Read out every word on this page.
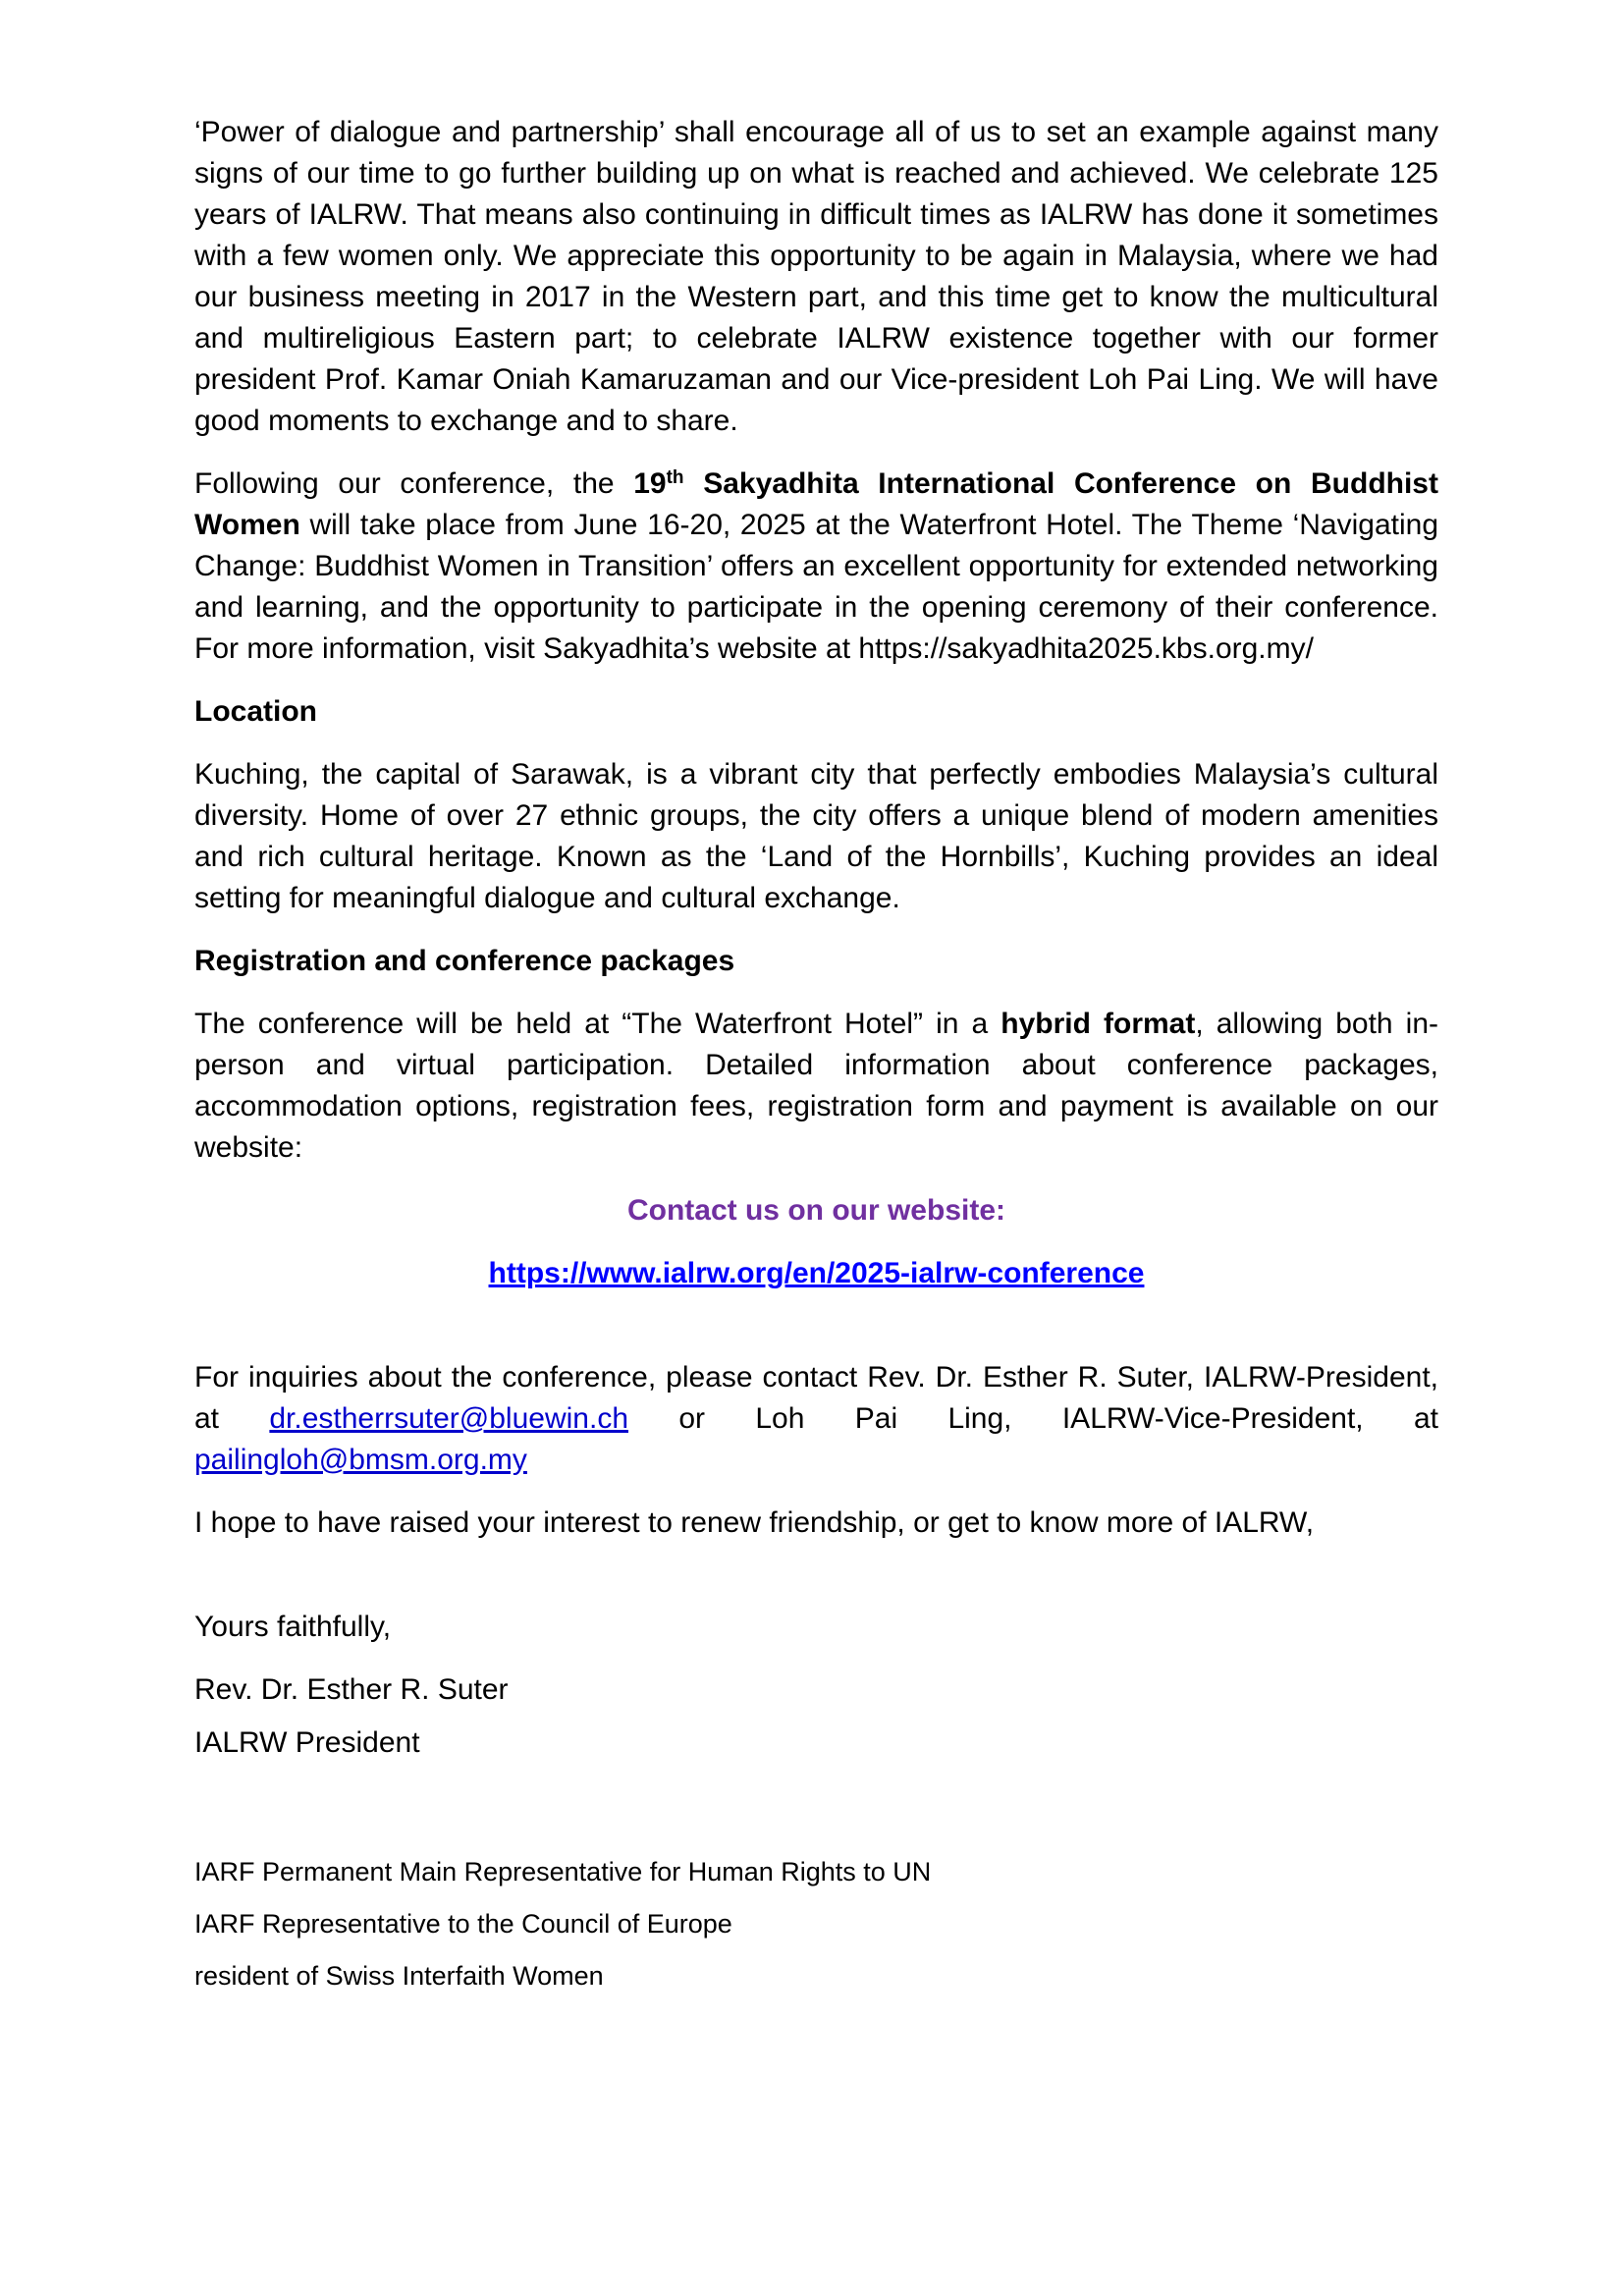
‘Power of dialogue and partnership’ shall encourage all of us to set an example against many signs of our time to go further building up on what is reached and achieved. We celebrate 125 years of IALRW. That means also continuing in difficult times as IALRW has done it sometimes with a few women only. We appreciate this opportunity to be again in Malaysia, where we had our business meeting in 2017 in the Western part, and this time get to know the multicultural and multireligious Eastern part; to celebrate IALRW existence together with our former president Prof. Kamar Oniah Kamaruzaman and our Vice-president Loh Pai Ling. We will have good moments to exchange and to share.

Following our conference, the 19th Sakyadhita International Conference on Buddhist Women will take place from June 16-20, 2025 at the Waterfront Hotel. The Theme ‘Navigating Change: Buddhist Women in Transition’ offers an excellent opportunity for extended networking and learning, and the opportunity to participate in the opening ceremony of their conference. For more information, visit Sakyadhita’s website at https://sakyadhita2025.kbs.org.my/

Location

Kuching, the capital of Sarawak, is a vibrant city that perfectly embodies Malaysia’s cultural diversity. Home of over 27 ethnic groups, the city offers a unique blend of modern amenities and rich cultural heritage. Known as the ‘Land of the Hornbills’, Kuching provides an ideal setting for meaningful dialogue and cultural exchange.

Registration and conference packages

The conference will be held at “The Waterfront Hotel” in a hybrid format, allowing both in-person and virtual participation. Detailed information about conference packages, accommodation options, registration fees, registration form and payment is available on our website:

Contact us on our website:

https://www.ialrw.org/en/2025-ialrw-conference

For inquiries about the conference, please contact Rev. Dr. Esther R. Suter, IALRW-President, at dr.estherrsuter@bluewin.ch or Loh Pai Ling, IALRW-Vice-President, at pailingloh@bmsm.org.my

I hope to have raised your interest to renew friendship, or get to know more of IALRW,

Yours faithfully,

Rev. Dr. Esther R. Suter

IALRW President

IARF Permanent Main Representative for Human Rights to UN

IARF Representative to the Council of Europe

resident of Swiss Interfaith Women
